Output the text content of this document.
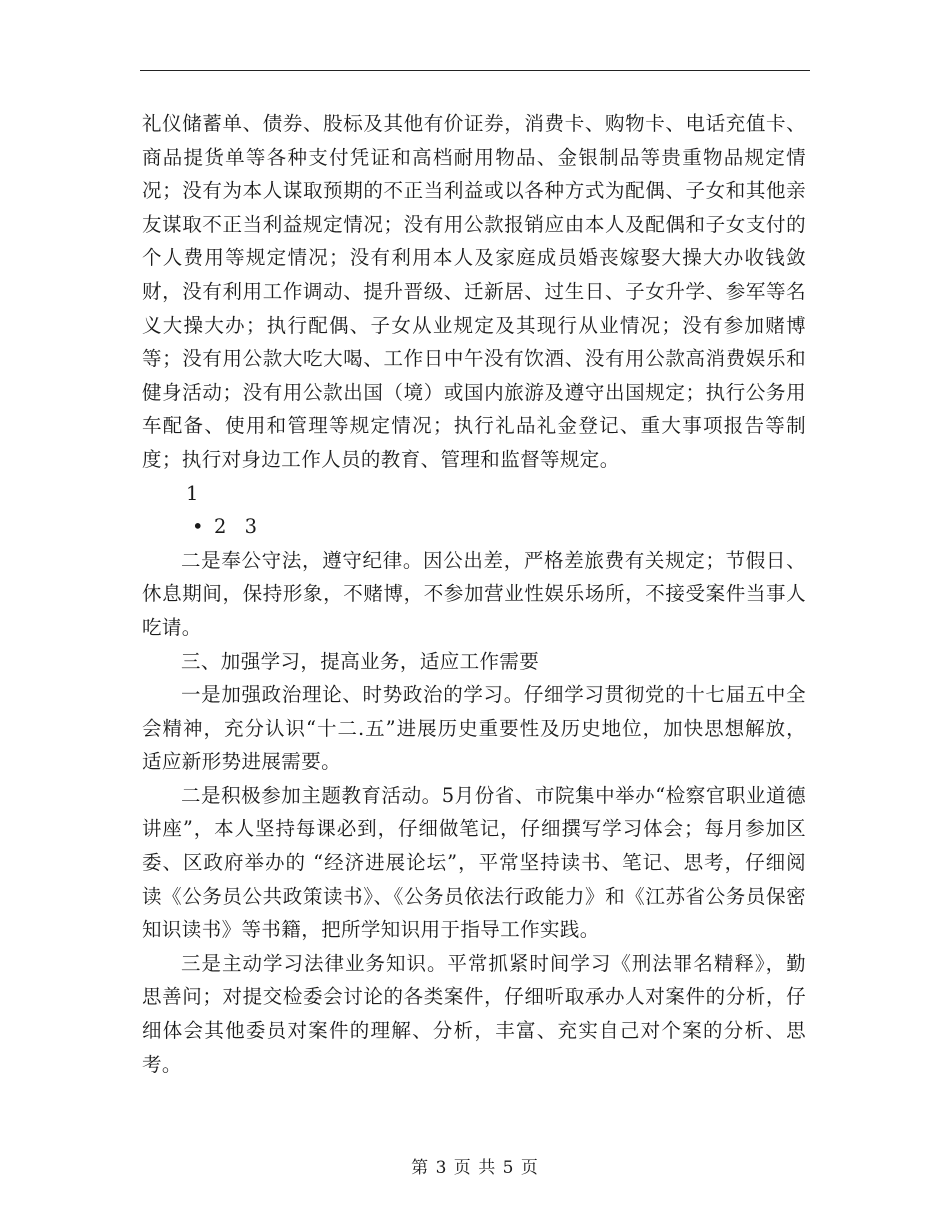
礼仪储蓄单、债券、股标及其他有价证券，消费卡、购物卡、电话充值卡、商品提货单等各种支付凭证和高档耐用物品、金银制品等贵重物品规定情况；没有为本人谋取预期的不正当利益或以各种方式为配偶、子女和其他亲友谋取不正当利益规定情况；没有用公款报销应由本人及配偶和子女支付的个人费用等规定情况；没有利用本人及家庭成员婚丧嫁娶大操大办收钱敛财，没有利用工作调动、提升晋级、迁新居、过生日、子女升学、参军等名义大操大办；执行配偶、子女从业规定及其现行从业情况；没有参加赌博等；没有用公款大吃大喝、工作日中午没有饮酒、没有用公款高消费娱乐和健身活动；没有用公款出国（境）或国内旅游及遵守出国规定；执行公务用车配备、使用和管理等规定情况；执行礼品礼金登记、重大事项报告等制度；执行对身边工作人员的教育、管理和监督等规定。

1

• 2 3

二是奉公守法，遵守纪律。因公出差，严格差旅费有关规定；节假日、休息期间，保持形象，不赌博，不参加营业性娱乐场所，不接受案件当事人吃请。

三、加强学习，提高业务，适应工作需要

一是加强政治理论、时势政治的学习。仔细学习贯彻党的十七届五中全会精神，充分认识“十二.五”进展历史重要性及历史地位，加快思想解放，适应新形势进展需要。

二是积极参加主题教育活动。5月份省、市院集中举办“检察官职业道德讲座”，本人坚持每课必到，仔细做笔记，仔细撰写学习体会；每月参加区委、区政府举办的 “经济进展论坛”，平常坚持读书、笔记、思考，仔细阅读《公务员公共政策读书》、《公务员依法行政能力》和《江苏省公务员保密知识读书》等书籍，把所学知识用于指导工作实践。

三是主动学习法律业务知识。平常抓紧时间学习《刑法罪名精释》，勤思善问；对提交检委会讨论的各类案件，仔细听取承办人对案件的分析，仔细体会其他委员对案件的理解、分析，丰富、充实自己对个案的分析、思考。

第 3 页 共 5 页
